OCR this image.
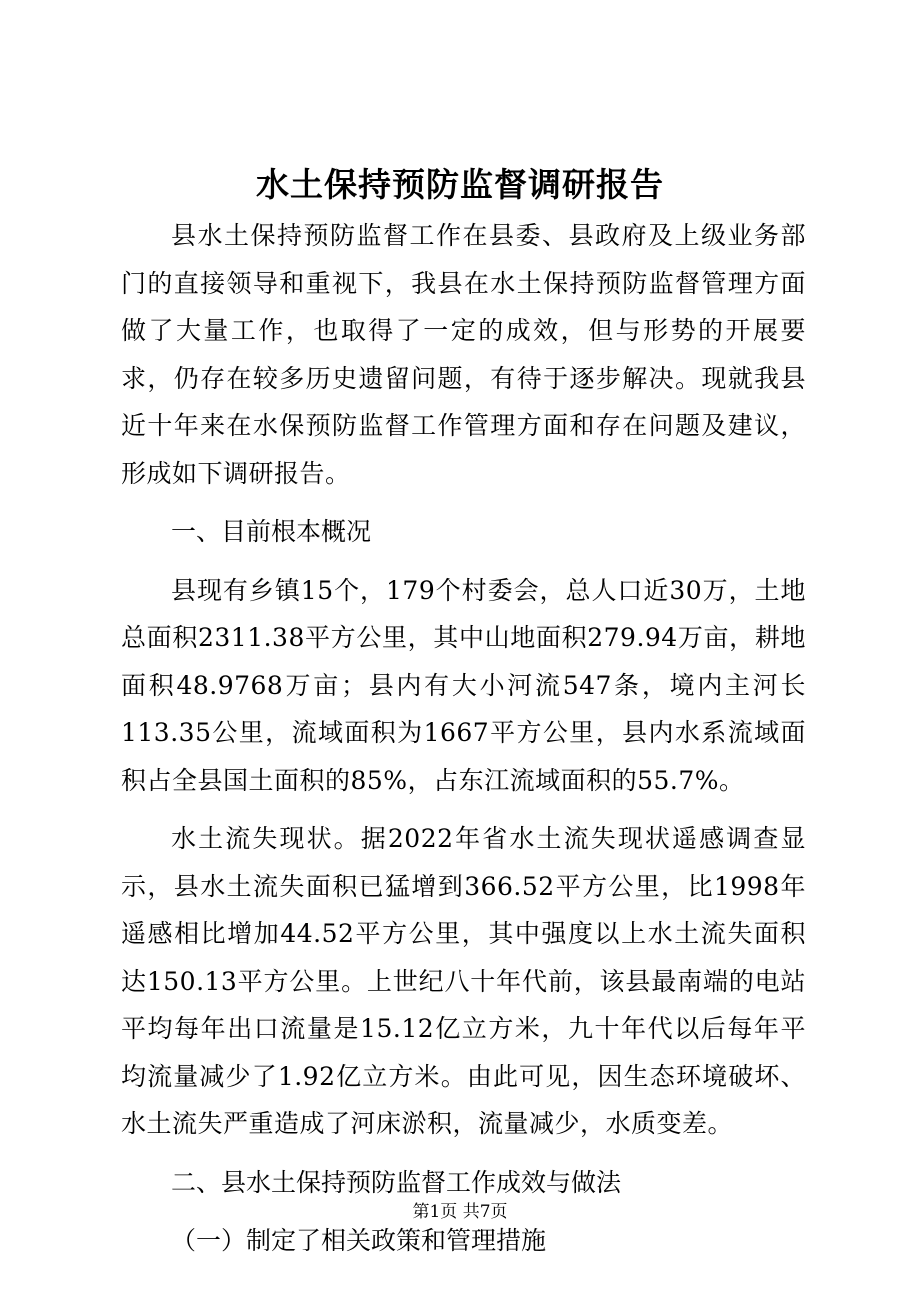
水土保持预防监督调研报告

县水土保持预防监督工作在县委、县政府及上级业务部门的直接领导和重视下，我县在水土保持预防监督管理方面做了大量工作，也取得了一定的成效，但与形势的开展要求，仍存在较多历史遗留问题，有待于逐步解决。现就我县近十年来在水保预防监督工作管理方面和存在问题及建议，形成如下调研报告。

一、目前根本概况

县现有乡镇15个，179个村委会，总人口近30万，土地总面积2311.38平方公里，其中山地面积279.94万亩，耕地面积48.9768万亩；县内有大小河流547条，境内主河长113.35公里，流域面积为1667平方公里，县内水系流域面积占全县国土面积的85%，占东江流域面积的55.7%。

水土流失现状。据2022年省水土流失现状遥感调查显示，县水土流失面积已猛增到366.52平方公里，比1998年遥感相比增加44.52平方公里，其中强度以上水土流失面积达150.13平方公里。上世纪八十年代前，该县最南端的电站平均每年出口流量是15.12亿立方米，九十年代以后每年平均流量减少了1.92亿立方米。由此可见，因生态环境破坏、水土流失严重造成了河床淤积，流量减少，水质变差。

二、县水土保持预防监督工作成效与做法

（一）制定了相关政策和管理措施

第1页 共7页
